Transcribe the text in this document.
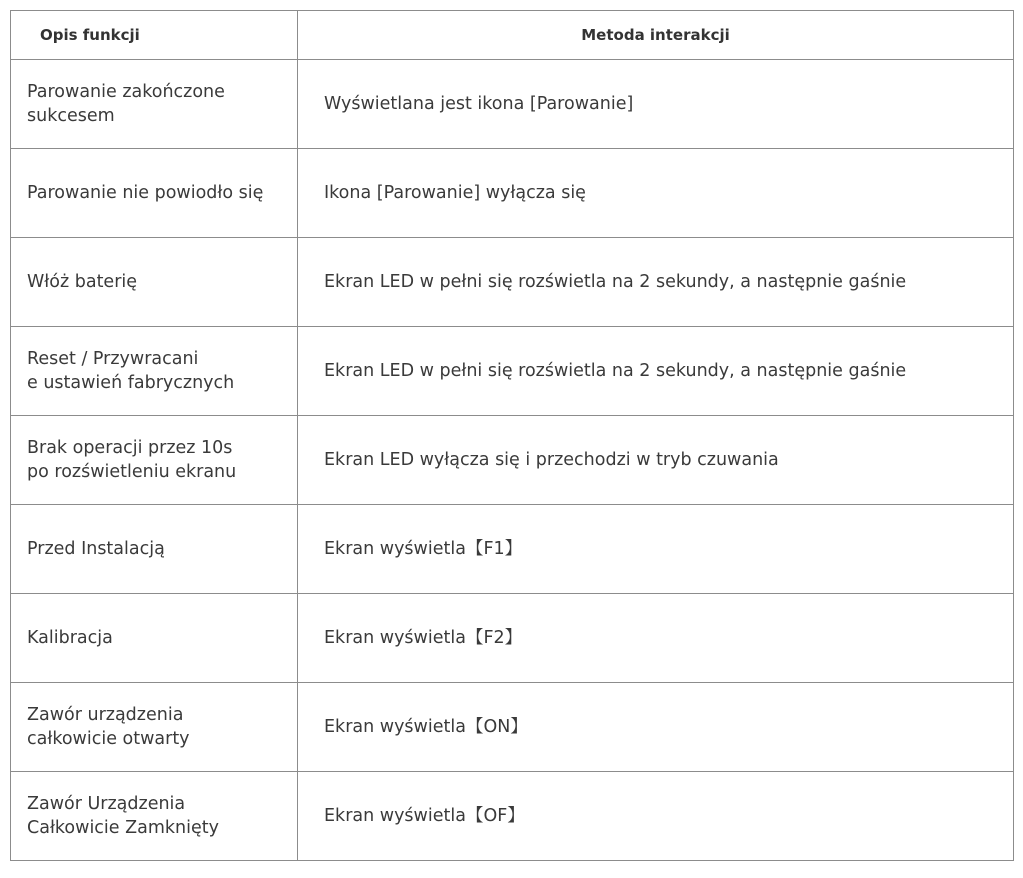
Opis funkcji	Metoda interakcji

Parowanie zakończone
sukcesem	Wyświetlana jest ikona [Parowanie]

Parowanie nie powiodło się	Ikona [Parowanie] wyłącza się

Włóż baterię	Ekran LED w pełni się rozświetla na 2 sekundy, a następnie gaśnie

Reset / Przywracani
e ustawień fabrycznych	Ekran LED w pełni się rozświetla na 2 sekundy, a następnie gaśnie

Brak operacji przez 10s
po rozświetleniu ekranu	Ekran LED wyłącza się i przechodzi w tryb czuwania

Przed Instalacją	Ekran wyświetla【F1】

Kalibracja	Ekran wyświetla【F2】

Zawór urządzenia
całkowicie otwarty	Ekran wyświetla【ON】

Zawór Urządzenia
Całkowicie Zamknięty	Ekran wyświetla【OF】
